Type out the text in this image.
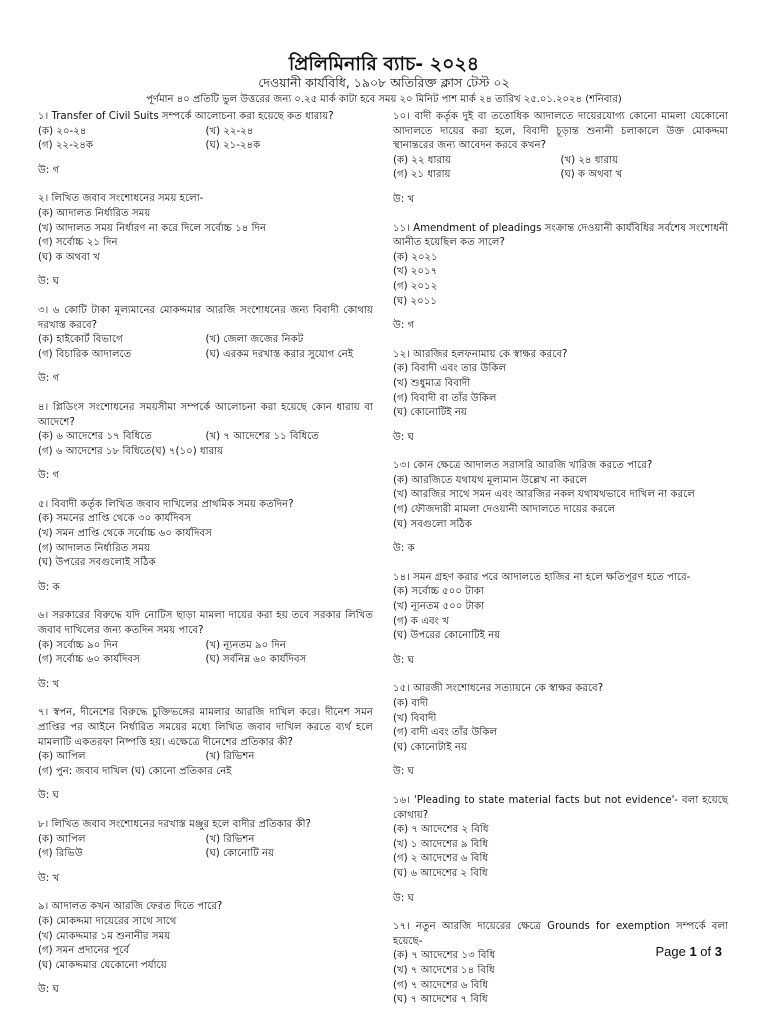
প্রিলিমিনারি ব্যাচ- ২০২৪
দেওয়ানী কার্যবিধি, ১৯০৮ অতিরিক্ত ক্লাস টেস্ট ০২
পূর্ণমান ৪০ প্রতিটি ভুল উত্তরের জন্য ০.২৫ মার্ক কাটা হবে সময় ২০ মিনিট পাশ মার্ক ২৪ তারিখ ২৫.০১.২০২৪ (শনিবার)

১। Transfer of Civil Suits সম্পর্কে আলোচনা করা হয়েছে কত ধারায়?

(ক) ২০-২৪	(খ) ২২-২৪
(গ) ২২-২৪ক	(ঘ) ২১-২৪ক

উ: গ

২। লিখিত জবাব সংশোধনের সময় হলো-

(ক) আদালত নির্ধারিত সময়

(খ) আদালত সময় নির্ধারণ না করে দিলে সর্বোচ্চ ১৪ দিন

(গ) সর্বোচ্চ ২১ দিন

(ঘ) ক অথবা খ

উ: ঘ

৩। ৬ কোটি টাকা মূল্যমানের মোকদ্দমার আরজি সংশোধনের জন্য বিবাদী কোথায় দরখাস্ত করবে?

(ক) হাইকোর্ট বিভাগে	(খ) জেলা জজের নিকট
(গ) বিচারিক আদালতে	(ঘ) এরকম দরখাস্ত করার সুযোগ নেই

উ: গ

৪। প্লিডিংস সংশোধনের সময়সীমা সম্পর্কে আলোচনা করা হয়েছে কোন ধারায় বা আদেশে?

(ক) ৬ আদেশের ১৭ বিধিতে	(খ) ৭ আদেশের ১১ বিধিতে

(গ) ৬ আদেশের ১৮ বিধিতে(ঘ) ৭(১০) ধারায়

উ: গ

৫। বিবাদী কর্তৃক লিখিত জবাব দাখিলের প্রাথমিক সময় কতদিন?

(ক) সমনের প্রাপ্তি থেকে ৩০ কার্যদিবস

(খ) সমন প্রাপ্তি থেকে সর্বোচ্চ ৬০ কার্যদিবস

(গ) আদালত নির্ধারিত সময়

(ঘ) উপরের সবগুলোই সঠিক

উ: ক

৬। সরকারের বিরুদ্ধে যদি নোটিস ছাড়া মামলা দায়ের করা হয় তবে সরকার লিখিত জবাব দাখিলের জন্য কতদিন সময় পাবে?

(ক) সর্বোচ্চ ৯০ দিন	(খ) ন্যূনতম ৯০ দিন
(গ) সর্বোচ্চ ৬০ কার্যদিবস	(ঘ) সর্বনিম্ন ৬০ কার্যদিবস

উ: খ

৭। স্বপন, দীনেশের বিরুদ্ধে চুক্তিভঙ্গের মামলার আরজি দাখিল করে। দীনেশ সমন প্রাপ্তির পর আইনে নির্ধারিত সময়ের মধ্যে লিখিত জবাব দাখিল করতে ব্যর্থ হলে মামলাটি একতরফা নিষ্পত্তি হয়। এক্ষেত্রে দীনেশের প্রতিকার কী?

(ক) আপিল	(খ) রিভিশন

(গ) পুন: জবাব দাখিল (ঘ) কোনো প্রতিকার নেই

উ: ঘ

৮। লিখিত জবাব সংশোধনের দরখাস্ত মঞ্জুর হলে বাদীর প্রতিকার কী?

(ক) আপিল	(খ) রিভিশন
(গ) রিভিউ	(ঘ) কোনোটি নয়

উ: খ

৯। আদালত কখন আরজি ফেরত দিতে পারে?

(ক) মোকদ্দমা দায়েরের সাথে সাথে

(খ) মোকদ্দমার ১ম শুনানীর সময়

(গ) সমন প্রদানের পূর্বে

(ঘ) মোকদ্দমার যেকোনো পর্যায়ে

উ: ঘ

১০। বাদী কর্তৃক দুই বা ততোধিক আদালতে দায়েরযোগ্য কোনো মামলা যেকোনো আদালতে দায়ের করা হলে, বিবাদী চূড়ান্ত শুনানী চলাকালে উক্ত মোকদ্দমা স্থানান্তরের জন্য আবেদন করবে কখন?

(ক) ২২ ধারায়	(খ) ২৪ ধারায়
(গ) ২১ ধারায়	(ঘ) ক অথবা খ

উ: খ

১১। Amendment of pleadings সংক্রান্ত দেওয়ানী কার্যবিধির সর্বশেষ সংশোধনী আনীত হয়েছিল কত সালে?

(ক) ২০২১

(খ) ২০১৭

(গ) ২০১২

(ঘ) ২০১১

উ: গ

১২। আরজির হলফনামায় কে স্বাক্ষর করবে?

(ক) বিবাদী এবং তার উকিল

(খ) শুধুমাত্র বিবাদী

(গ) বিবাদী বা তাঁর উকিল

(ঘ) কোনোটিই নয়

উ: ঘ

১৩। কোন ক্ষেত্রে আদালত সরাসরি আরজি খারিজ করতে পারে?

(ক) আরজিতে যথাযথ মূল্যমান উল্লেখ না করলে

(খ) আরজির সাথে সমন এবং আরজির নকল যথাযথভাবে দাখিল না করলে

(গ) ফৌজদারী মামলা দেওয়ানী আদালতে দায়ের করলে

(ঘ) সবগুলো সঠিক

উ: ক

১৪। সমন গ্রহণ করার পরে আদালতে হাজির না হলে ক্ষতিপূরণ হতে পারে-

(ক) সর্বোচ্চ ৫০০ টাকা

(খ) ন্যূনতম ৫০০ টাকা

(গ) ক এবং খ

(ঘ) উপরের কোনোটিই নয়

উ: ঘ

১৫। আরজী সংশোধনের সত্যায়নে কে স্বাক্ষর করবে?

(ক) বাদী

(খ) বিবাদী

(গ) বাদী এবং তাঁর উকিল

(ঘ) কোনোটাই নয়

উ: ঘ

১৬। 'Pleading to state material facts but not evidence'- বলা হয়েছে কোথায়?

(ক) ৭ আদেশের ২ বিধি

(খ) ১ আদেশের ৯ বিধি

(গ) ২ আদেশের ৬ বিধি

(ঘ) ৬ আদেশের ২ বিধি

উ: ঘ

১৭। নতুন আরজি দায়েরের ক্ষেত্রে Grounds for exemption সম্পর্কে বলা হয়েছে-

(ক) ৭ আদেশের ১৩ বিধি

(খ) ৭ আদেশের ১৪ বিধি

(গ) ৭ আদেশের ৬ বিধি

(ঘ) ৭ আদেশের ৭ বিধি

Page 1 of 3
